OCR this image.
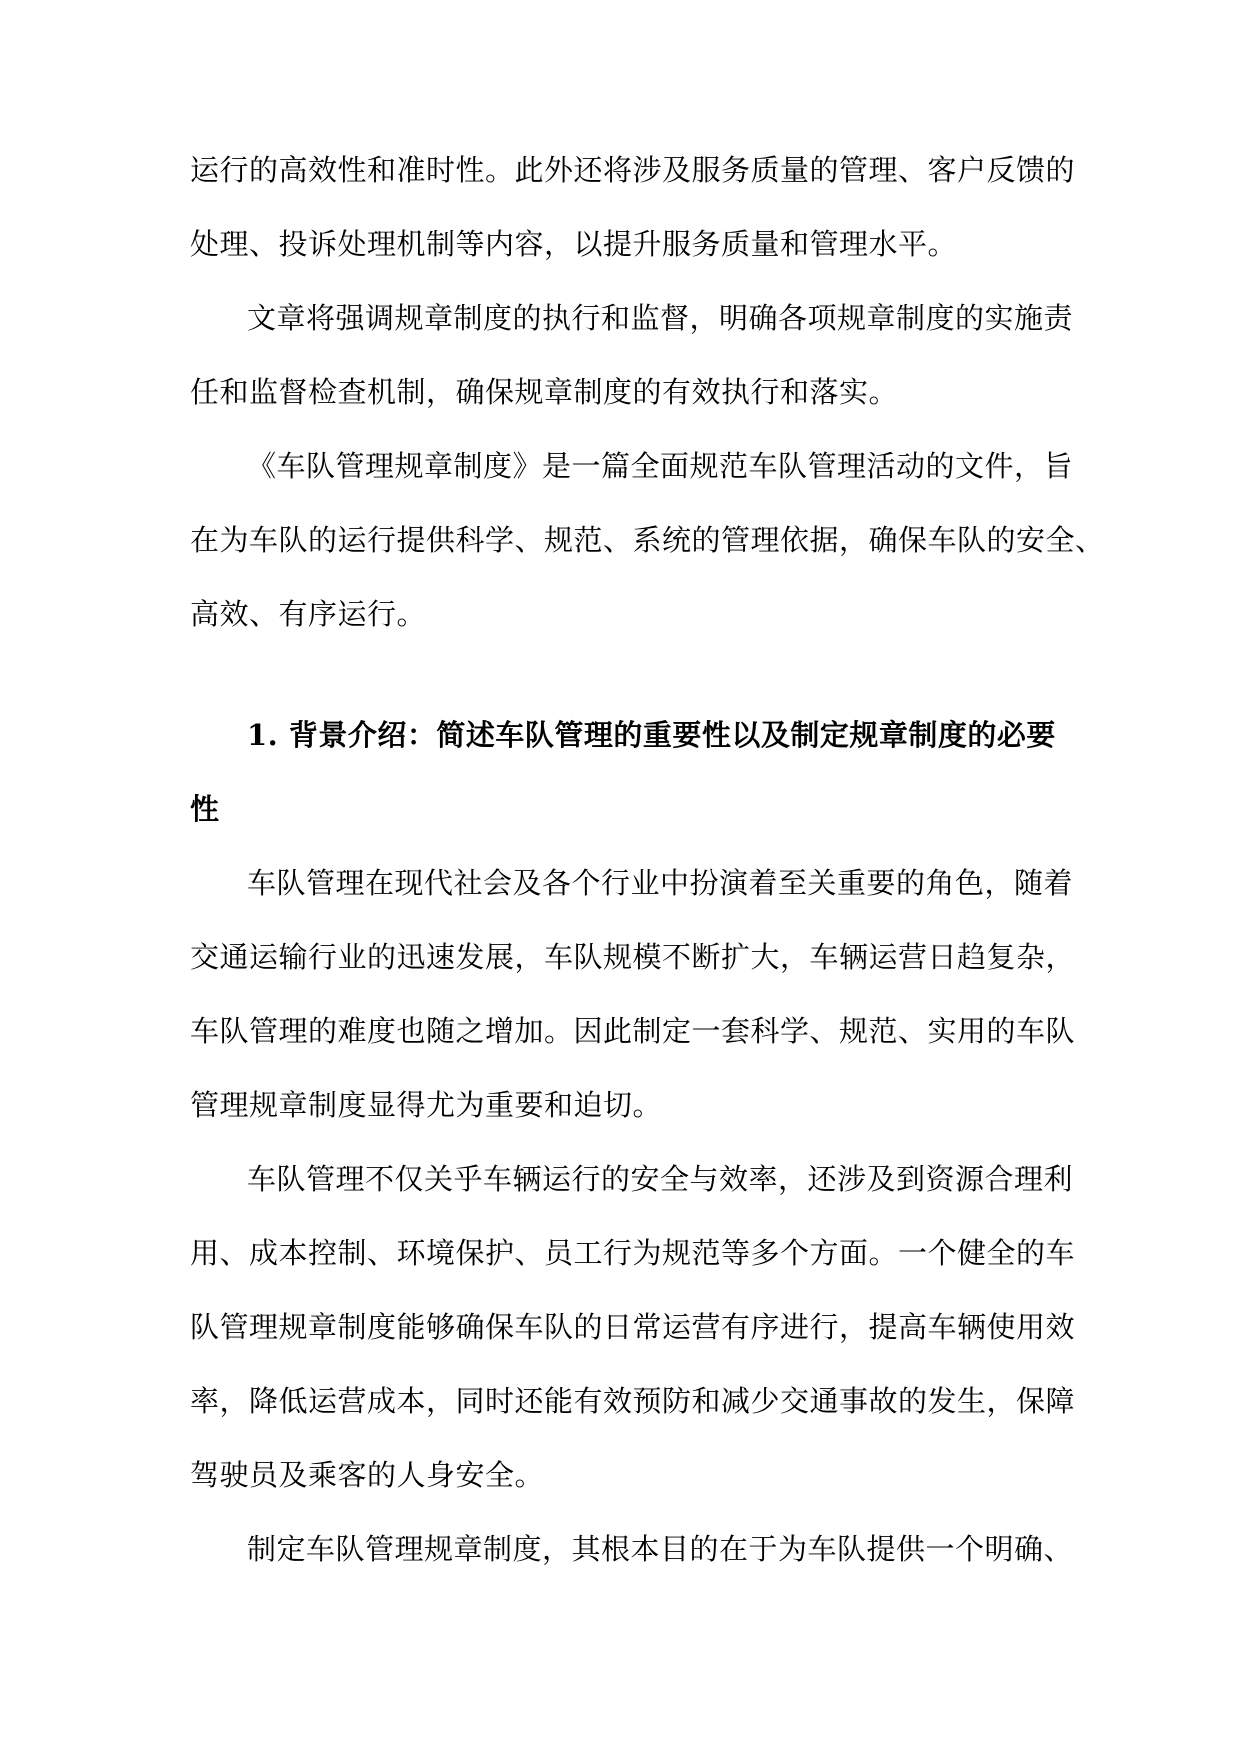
运行的高效性和准时性。此外还将涉及服务质量的管理、客户反馈的
处理、投诉处理机制等内容，以提升服务质量和管理水平。
文章将强调规章制度的执行和监督，明确各项规章制度的实施责
任和监督检查机制，确保规章制度的有效执行和落实。
《车队管理规章制度》是一篇全面规范车队管理活动的文件，旨
在为车队的运行提供科学、规范、系统的管理依据，确保车队的安全、
高效、有序运行。
1. 背景介绍：简述车队管理的重要性以及制定规章制度的必要
性
车队管理在现代社会及各个行业中扮演着至关重要的角色，随着
交通运输行业的迅速发展，车队规模不断扩大，车辆运营日趋复杂，
车队管理的难度也随之增加。因此制定一套科学、规范、实用的车队
管理规章制度显得尤为重要和迫切。
车队管理不仅关乎车辆运行的安全与效率，还涉及到资源合理利
用、成本控制、环境保护、员工行为规范等多个方面。一个健全的车
队管理规章制度能够确保车队的日常运营有序进行，提高车辆使用效
率，降低运营成本，同时还能有效预防和减少交通事故的发生，保障
驾驶员及乘客的人身安全。
制定车队管理规章制度，其根本目的在于为车队提供一个明确、
